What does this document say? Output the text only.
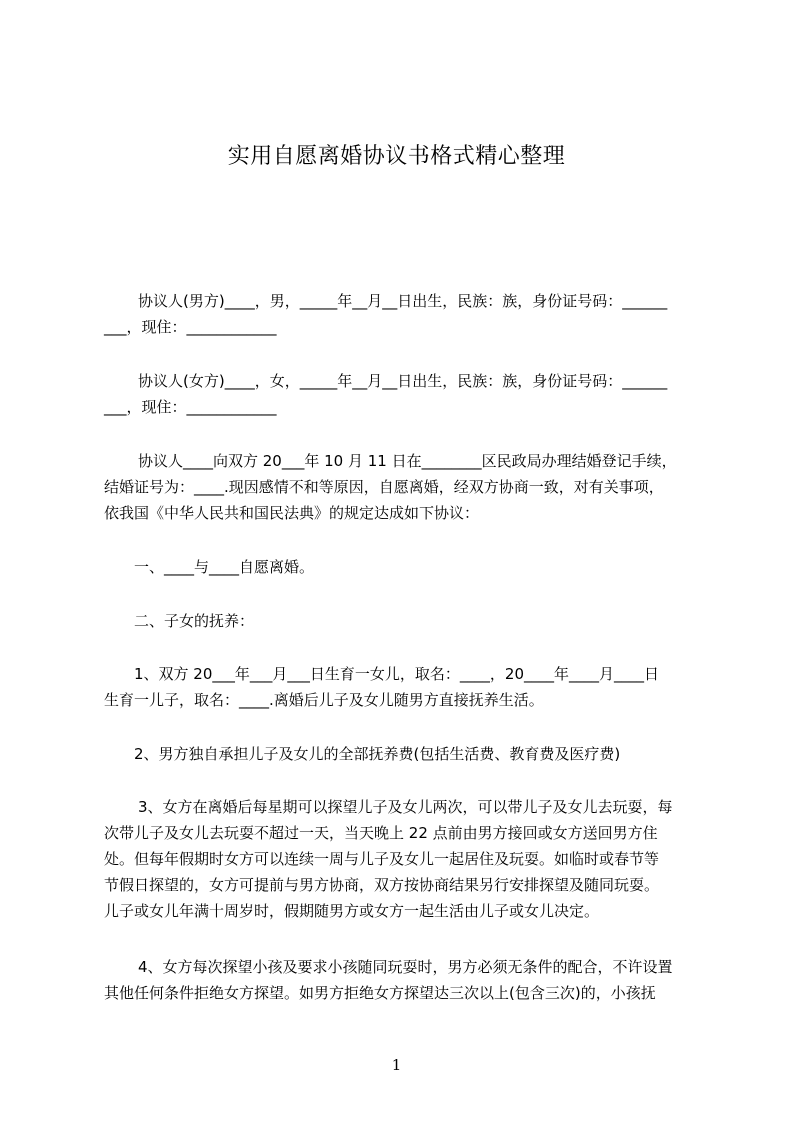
实用自愿离婚协议书格式精心整理
协议人(男方)____，男，_____年__月__日出生，民族：族，身份证号码：______
___，现住：____________
协议人(女方)____，女，_____年__月__日出生，民族：族，身份证号码：______
___，现住：____________
协议人____向双方 20___年 10 月 11 日在________区民政局办理结婚登记手续，
结婚证号为：____.现因感情不和等原因，自愿离婚，经双方协商一致，对有关事项，
依我国《中华人民共和国民法典》的规定达成如下协议：
一、____与____自愿离婚。
二、子女的抚养：
1、双方 20___年___月___日生育一女儿，取名：____，20____年____月____日
生育一儿子，取名：____.离婚后儿子及女儿随男方直接抚养生活。
2、男方独自承担儿子及女儿的全部抚养费(包括生活费、教育费及医疗费)
3、女方在离婚后每星期可以探望儿子及女儿两次，可以带儿子及女儿去玩耍，每
次带儿子及女儿去玩耍不超过一天，当天晚上 22 点前由男方接回或女方送回男方住
处。但每年假期时女方可以连续一周与儿子及女儿一起居住及玩耍。如临时或春节等
节假日探望的，女方可提前与男方协商，双方按协商结果另行安排探望及随同玩耍。
儿子或女儿年满十周岁时，假期随男方或女方一起生活由儿子或女儿决定。
4、女方每次探望小孩及要求小孩随同玩耍时，男方必须无条件的配合，不许设置
其他任何条件拒绝女方探望。如男方拒绝女方探望达三次以上(包含三次)的，小孩抚
1
